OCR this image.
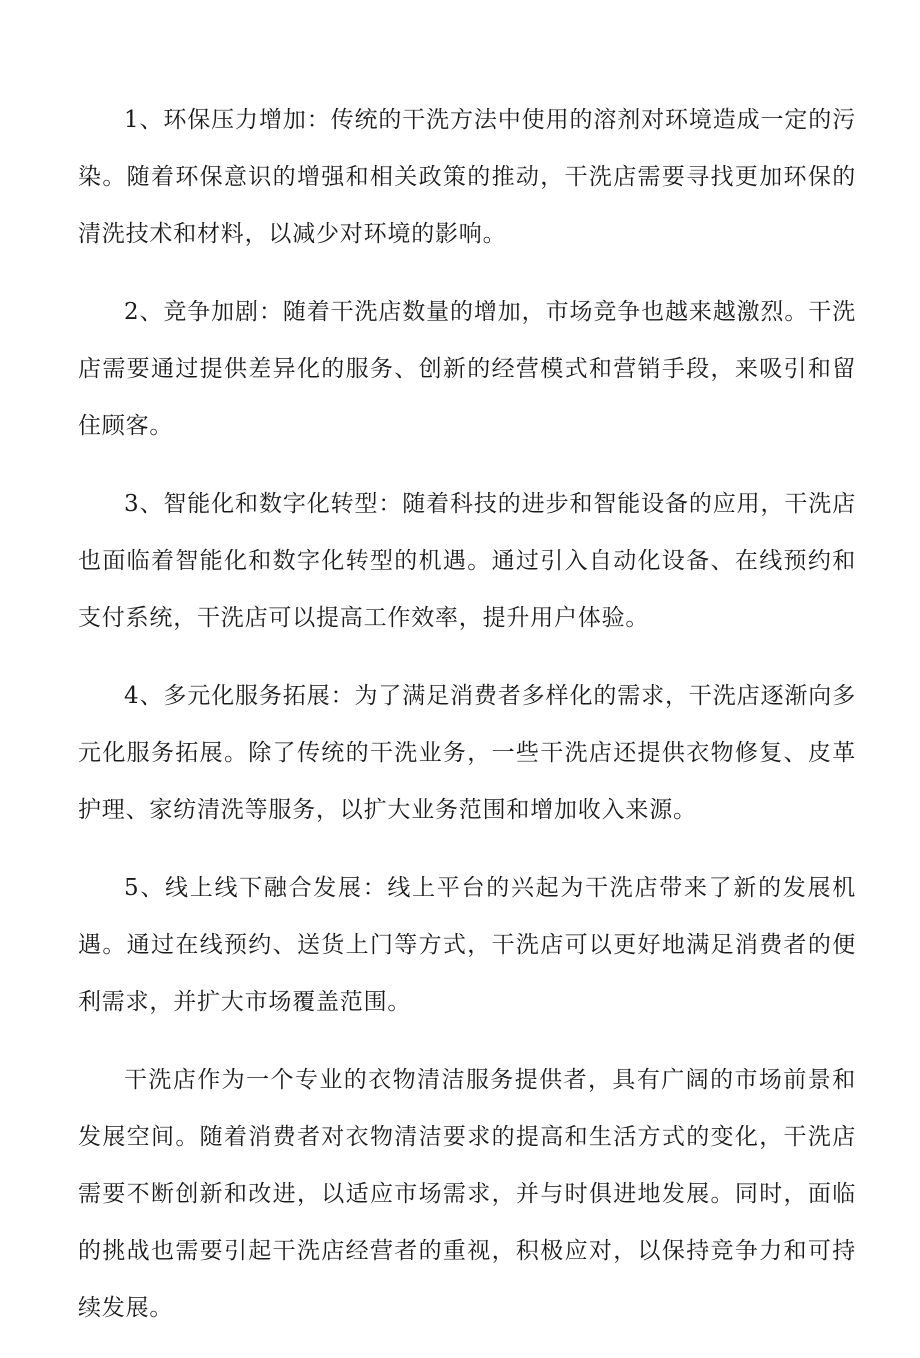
1、环保压力增加：传统的干洗方法中使用的溶剂对环境造成一定的污染。随着环保意识的增强和相关政策的推动，干洗店需要寻找更加环保的清洗技术和材料，以减少对环境的影响。

2、竞争加剧：随着干洗店数量的增加，市场竞争也越来越激烈。干洗店需要通过提供差异化的服务、创新的经营模式和营销手段，来吸引和留住顾客。

3、智能化和数字化转型：随着科技的进步和智能设备的应用，干洗店也面临着智能化和数字化转型的机遇。通过引入自动化设备、在线预约和支付系统，干洗店可以提高工作效率，提升用户体验。

4、多元化服务拓展：为了满足消费者多样化的需求，干洗店逐渐向多元化服务拓展。除了传统的干洗业务，一些干洗店还提供衣物修复、皮革护理、家纺清洗等服务，以扩大业务范围和增加收入来源。

5、线上线下融合发展：线上平台的兴起为干洗店带来了新的发展机遇。通过在线预约、送货上门等方式，干洗店可以更好地满足消费者的便利需求，并扩大市场覆盖范围。

干洗店作为一个专业的衣物清洁服务提供者，具有广阔的市场前景和发展空间。随着消费者对衣物清洁要求的提高和生活方式的变化，干洗店需要不断创新和改进，以适应市场需求，并与时俱进地发展。同时，面临的挑战也需要引起干洗店经营者的重视，积极应对，以保持竞争力和可持续发展。
